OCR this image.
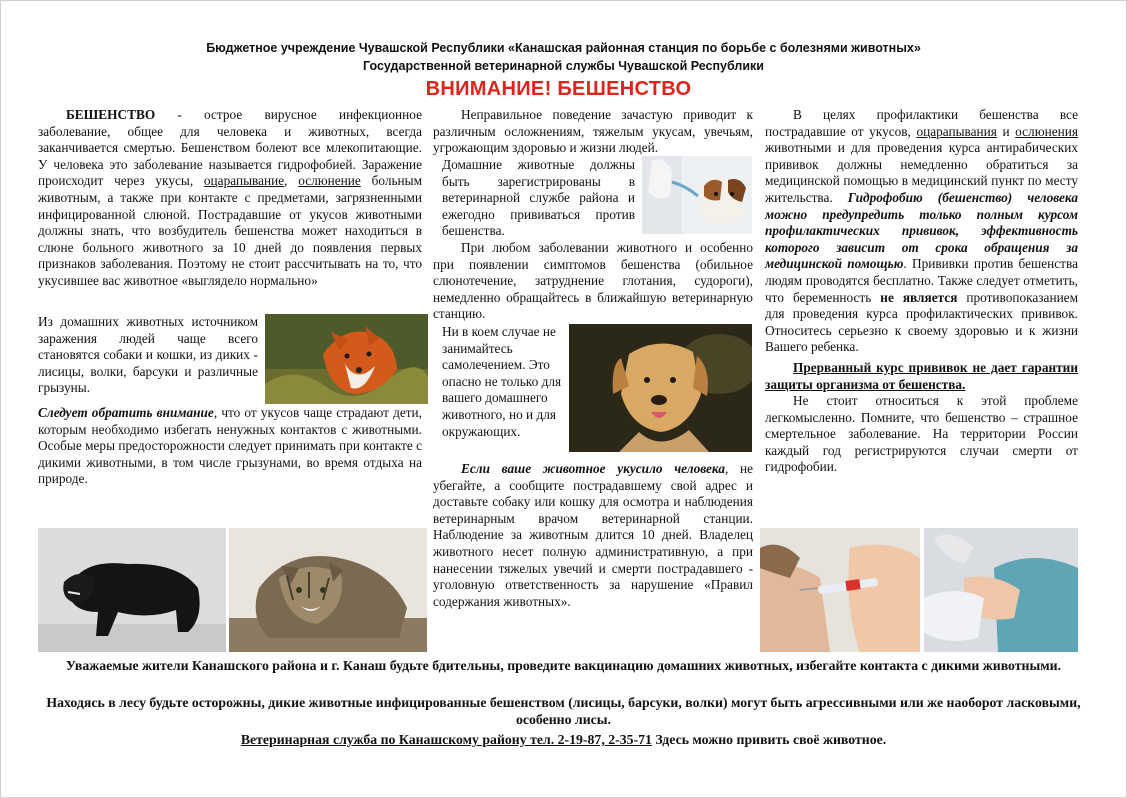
Бюджетное учреждение Чувашской Республики «Канашская районная станция по борьбе с болезнями животных»
Государственной ветеринарной службы Чувашской Республики
ВНИМАНИЕ! БЕШЕНСТВО

БЕШЕНСТВО - острое вирусное инфекционное заболевание, общее для человека и животных, всегда заканчивается смертью. Бешенством болеют все млекопитающие. У человека это заболевание называется гидрофобией. Заражение происходит через укусы, оцарапывание, ослюнение больным животным, а также при контакте с предметами, загрязненными инфицированной слюной. Пострадавшие от укусов животными должны знать, что возбудитель бешенства может находиться в слюне больного животного за 10 дней до появления первых признаков заболевания. Поэтому не стоит рассчитывать на то, что укусившее вас животное «выглядело нормально»

Из домашних животных источником заражения людей чаще всего становятся собаки и кошки, из диких - лисицы, волки, барсуки и различные грызуны.

Следует обратить внимание, что от укусов чаще страдают дети, которым необходимо избегать ненужных контактов с животными. Особые меры предосторожности следует принимать при контакте с дикими животными, в том числе грызунами, во время отдыха на природе.

Неправильное поведение зачастую приводит к различным осложнениям, тяжелым укусам, увечьям, угрожающим здоровью и жизни людей.

Домашние животные должны быть зарегистрированы в ветеринарной службе района и ежегодно прививаться против бешенства.

При любом заболевании животного и особенно при появлении симптомов бешенства (обильное слюнотечение, затруднение глотания, судороги), немедленно обращайтесь в ближайшую ветеринарную станцию.

Ни в коем случае не занимайтесь самолечением. Это опасно не только для вашего домашнего животного, но и для окружающих.

Если ваше животное укусило человека, не убегайте, а сообщите пострадавшему свой адрес и доставьте собаку или кошку для осмотра и наблюдения ветеринарным врачом ветеринарной станции. Наблюдение за животным длится 10 дней. Владелец животного несет полную административную, а при нанесении тяжелых увечий и смерти пострадавшего - уголовную ответственность за нарушение «Правил содержания животных».

В целях профилактики бешенства все пострадавшие от укусов, оцарапывания и ослюнения животными и для проведения курса антирабических прививок должны немедленно обратиться за медицинской помощью в медицинский пункт по месту жительства. Гидрофобию (бешенство) человека можно предупредить только полным курсом профилактических прививок, эффективность которого зависит от срока обращения за медицинской помощью. Прививки против бешенства людям проводятся бесплатно. Также следует отметить, что беременность не является противопоказанием для проведения курса профилактических прививок. Относитесь серьезно к своему здоровью и к жизни Вашего ребенка.

Прерванный курс прививок не дает гарантии защиты организма от бешенства.

Не стоит относиться к этой проблеме легкомысленно. Помните, что бешенство – страшное смертельное заболевание. На территории России каждый год регистрируются случаи смерти от гидрофобии.

Уважаемые жители Канашского района и г. Канаш будьте бдительны, проведите вакцинацию домашних животных, избегайте контакта с дикими животными.
Находясь в лесу будьте осторожны, дикие животные инфицированные бешенством (лисицы, барсуки, волки) могут быть агрессивными или же наоборот ласковыми, особенно лисы.
Ветеринарная служба по Канашскому району тел. 2-19-87, 2-35-71 Здесь можно привить своё животное.
